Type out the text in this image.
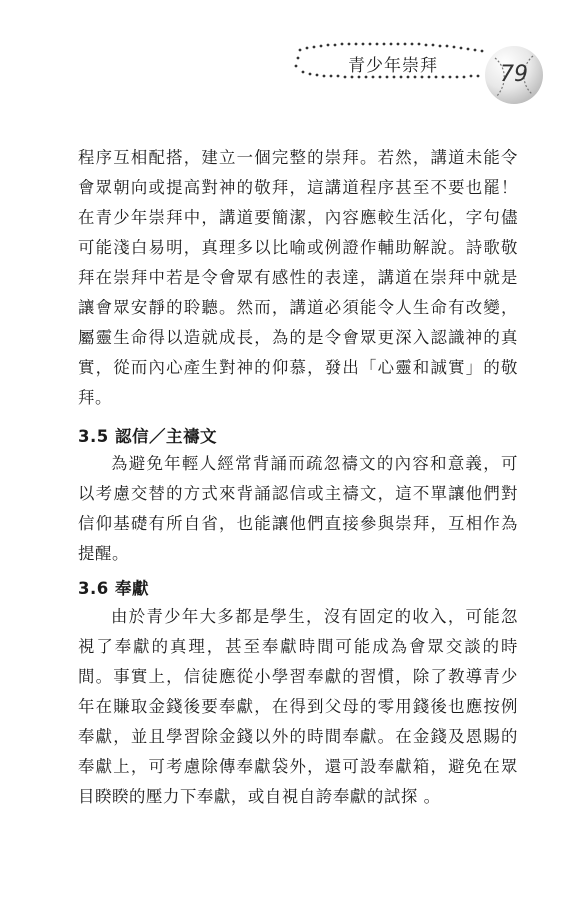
青少年崇拜	79

程序互相配搭，建立一個完整的崇拜。若然，講道未能令會眾朝向或提高對神的敬拜，這講道程序甚至不要也罷！在青少年崇拜中，講道要簡潔，內容應較生活化，字句儘可能淺白易明，真理多以比喻或例證作輔助解說。詩歌敬拜在崇拜中若是令會眾有感性的表達，講道在崇拜中就是讓會眾安靜的聆聽。然而，講道必須能令人生命有改變，屬靈生命得以造就成長，為的是令會眾更深入認識神的真實，從而內心產生對神的仰慕，發出「心靈和誠實」的敬拜。

3.5 認信／主禱文

為避免年輕人經常背誦而疏忽禱文的內容和意義，可以考慮交替的方式來背誦認信或主禱文，這不單讓他們對信仰基礎有所自省，也能讓他們直接參與崇拜，互相作為提醒。

3.6 奉獻

由於青少年大多都是學生，沒有固定的收入，可能忽視了奉獻的真理，甚至奉獻時間可能成為會眾交談的時間。事實上，信徒應從小學習奉獻的習慣，除了教導青少年在賺取金錢後要奉獻，在得到父母的零用錢後也應按例奉獻，並且學習除金錢以外的時間奉獻。在金錢及恩賜的奉獻上，可考慮除傳奉獻袋外，還可設奉獻箱，避免在眾目睽睽的壓力下奉獻，或自視自誇奉獻的試探 。
